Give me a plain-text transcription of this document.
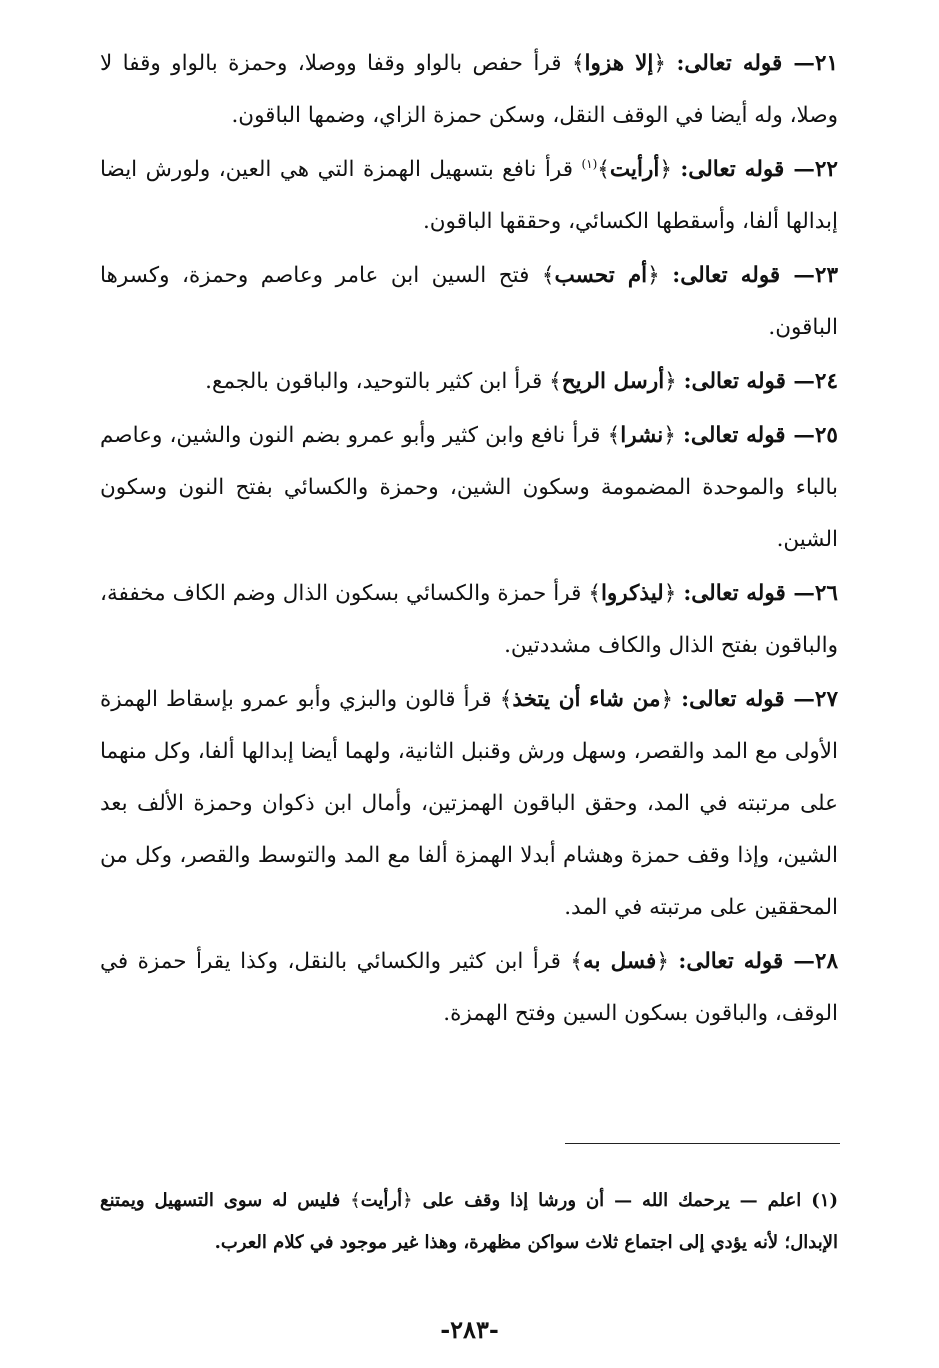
٢١— قوله تعالى: ﴿ إلا هزوا ﴾ قرأ حفص بالواو وقفا ووصلا، وحمزة بالواو وقفا لا وصلا، وله أيضا في الوقف النقل، وسكن حمزة الزاي، وضمها الباقون.

٢٢— قوله تعالى: ﴿ أرأيت ﴾$^{(١)}$ قرأ نافع بتسهيل الهمزة التي هي العين، ولورش ايضا إبدالها ألفا، وأسقطها الكسائي، وحققها الباقون.

٢٣— قوله تعالى: ﴿ أم تحسب ﴾ فتح السين ابن عامر وعاصم وحمزة، وكسرها الباقون.

٢٤— قوله تعالى: ﴿ أرسل الريح ﴾ قرأ ابن كثير بالتوحيد، والباقون بالجمع.

٢٥— قوله تعالى: ﴿ نشرا ﴾ قرأ نافع وابن كثير وأبو عمرو بضم النون والشين، وعاصم بالباء والموحدة المضمومة وسكون الشين، وحمزة والكسائي بفتح النون وسكون الشين.

٢٦— قوله تعالى: ﴿ ليذكروا ﴾ قرأ حمزة والكسائي بسكون الذال وضم الكاف مخففة، والباقون بفتح الذال والكاف مشددتين.

٢٧— قوله تعالى: ﴿ من شاء أن يتخذ ﴾ قرأ قالون والبزي وأبو عمرو بإسقاط الهمزة الأولى مع المد والقصر، وسهل ورش وقنبل الثانية، ولهما أيضا إبدالها ألفا، وكل منهما على مرتبته في المد، وحقق الباقون الهمزتين، وأمال ابن ذكوان وحمزة الألف بعد الشين، وإذا وقف حمزة وهشام أبدلا الهمزة ألفا مع المد والتوسط والقصر، وكل من المحققين على مرتبته في المد.

٢٨— قوله تعالى: ﴿ فسل به ﴾ قرأ ابن كثير والكسائي بالنقل، وكذا يقرأ حمزة في الوقف، والباقون بسكون السين وفتح الهمزة.

(١) اعلم — يرحمك الله — أن ورشا إذا وقف على ﴿ أرأيت ﴾ فليس له سوى التسهيل ويمتنع الإبدال؛ لأنه يؤدي إلى اجتماع ثلاث سواكن مظهرة، وهذا غير موجود في كلام العرب.

-٢٨٣-
